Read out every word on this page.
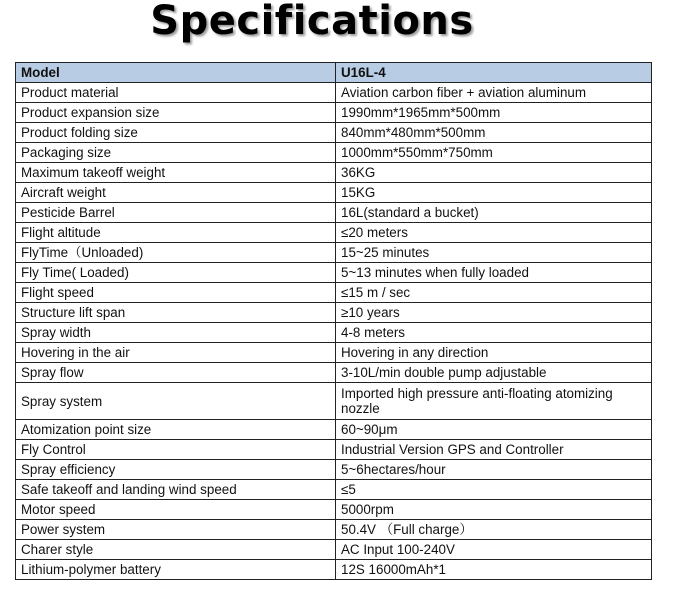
Specifications
Model	U16L-4
Product material	Aviation carbon fiber + aviation aluminum
Product expansion size	1990mm*1965mm*500mm
Product folding size	840mm*480mm*500mm
Packaging size	1000mm*550mm*750mm
Maximum takeoff weight	36KG
Aircraft weight	15KG
Pesticide Barrel	16L(standard a bucket)
Flight altitude	≤20 meters
FlyTime（Unloaded)	15~25 minutes
Fly Time( Loaded)	5~13 minutes when fully loaded
Flight speed	≤15 m / sec
Structure lift span	≥10 years
Spray width	4-8 meters
Hovering in the air	Hovering in any direction
Spray flow	3-10L/min double pump adjustable
Spray system	Imported high pressure anti-floating atomizing nozzle
Atomization point size	60~90μm
Fly Control	Industrial Version GPS and Controller
Spray efficiency	5~6hectares/hour
Safe takeoff and landing wind speed	≤5
Motor speed	5000rpm
Power system	50.4V （Full charge）
Charer style	AC Input 100-240V
Lithium-polymer battery	12S 16000mAh*1
